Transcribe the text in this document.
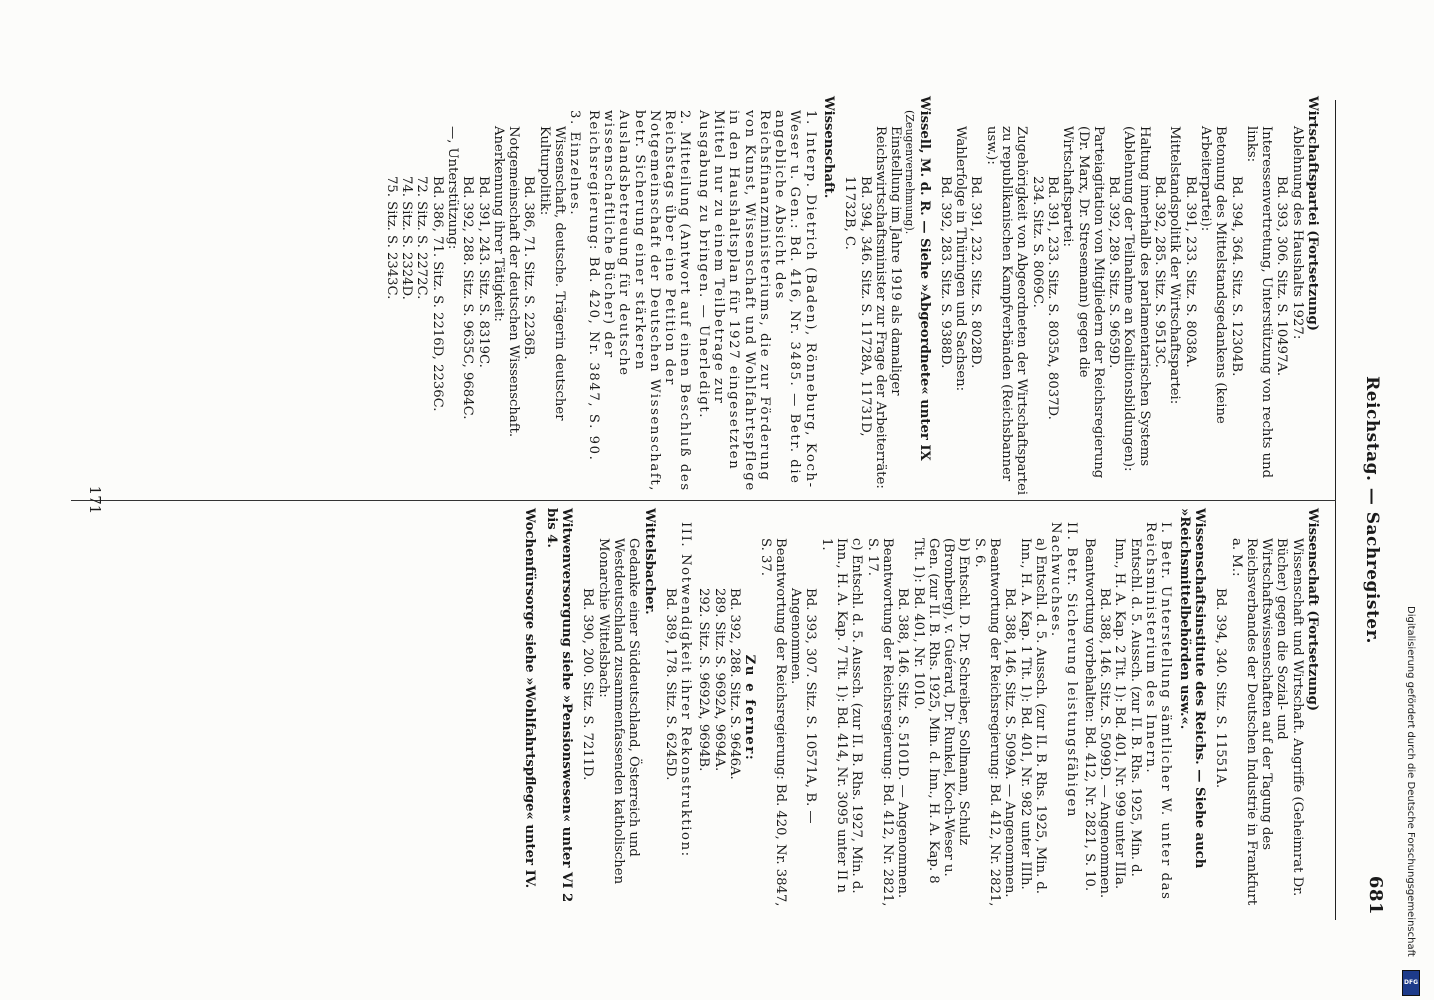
Reichstag. — Sachregister.
681
Wirtschaftspartei (Fortsetzung)
Ablehnung des Haushalts 1927:
Bd. 393, 306. Sitz. S. 10497A.
Interessenvertretung, Unterstützung von rechts und links:
Bd. 394, 364. Sitz. S. 12304B.
Betonung des Mittelstandsgedankens (keine Arbeiterpartei):
Bd. 391, 233. Sitz. S. 8038A.
Mittelstandspolitik der Wirtschaftspartei:
Bd. 392, 285. Sitz. S. 9513C.
Haltung innerhalb des parlamentarischen Systems (Ablehnung der Teilnahme an Koalitionsbildungen):
Bd. 392, 289. Sitz. S. 9659D.
Parteiagitation von Mitgliedern der Reichsregierung (Dr. Marx, Dr. Stresemann) gegen die Wirtschaftspartei:
Bd. 391, 233. Sitz. S. 8035A, 8037D.
234. Sitz. S. 8069C.
Zugehörigkeit von Abgeordneten der Wirtschaftspartei zu republikanischen Kampfverbänden (Reichsbanner usw.):
Bd. 391, 232. Sitz. S. 8028D.
Wahlerfolge in Thüringen und Sachsen:
Bd. 392, 283. Sitz. S. 9388D.
Wissell, M. d. R. — Siehe »Abgeordnete« unter IX
(Zeugenvernehmung).
Einstellung im Jahre 1919 als damaliger Reichswirtschaftsminister zur Frage der Arbeiterräte:
Bd. 394, 346. Sitz. S. 11728A, 11731D,
11732B, C.
Wissenschaft.
1. Interp. Dietrich (Baden), Rönneburg, Koch-Weser u. Gen.: Bd. 416, Nr. 3485. — Betr. die angebliche Absicht des Reichsfinanzministeriums, die zur Förderung von Kunst, Wissenschaft und Wohlfahrtspflege in den Haushaltsplan für 1927 eingesetzten Mittel nur zu einem Teilbetrage zur Ausgabung zu bringen. — Unerledigt.
2. Mitteilung (Antwort auf einen Beschluß des Reichstags über eine Petition der Notgemeinschaft der Deutschen Wissenschaft, betr. Sicherung einer stärkeren Auslandsbetreuung für deutsche wissenschaftliche Bücher) der Reichsregierung: Bd. 420, Nr. 3847, S. 90.
3. Einzelnes.
Wissenschaft, deutsche. Trägerin deutscher Kulturpolitik:
Bd. 386, 71. Sitz. S. 2236B.
Notgemeinschaft der deutschen Wissenschaft. Anerkennung ihrer Tätigkeit:
Bd. 391, 243. Sitz. S. 8319C.
Bd. 392, 288. Sitz. S. 9635C, 9684C.
—, Unterstützung:
Bd. 386, 71. Sitz. S. 2216D, 2236C.
72. Sitz. S. 2272C.
74. Sitz. S. 2324D.
75. Sitz. S. 2343C.
Wissenschaft (Fortsetzung)
Wissenschaft und Wirtschaft. Angriffe (Geheimrat Dr. Bücher) gegen die Sozial- und Wirtschaftswissenschaften auf der Tagung des Reichsverbandes der Deutschen Industrie in Frankfurt a. M.:
Bd. 394, 340. Sitz. S. 11551A.
Wissenschaftsinstitute des Reichs. — Siehe auch »Reichsmittelbehörden usw.«.
I. Betr. Unterstellung sämtlicher W. unter das Reichsministerium des Innern.
Entschl. d. 5. Aussch. (zur II. B. Rhs. 1925, Min. d. Inn., H. A. Kap. 2 Tit. 1): Bd. 401, Nr. 999 unter IIIa.
Bd. 388, 146. Sitz. S. 5099D. — Angenommen.
Beantwortung vorbehalten: Bd. 412, Nr. 2821, S. 10.
II. Betr. Sicherung leistungsfähigen Nachwuchses.
a) Entschl. d. 5. Aussch. (zur II. B. Rhs. 1925, Min. d. Inn., H. A. Kap. 1 Tit. 1): Bd. 401, Nr. 982 unter IIIh.
Bd. 388, 146. Sitz. S. 5099A. — Angenommen.
Beantwortung der Reichsregierung: Bd. 412, Nr. 2821, S. 6.
b) Entschl. D. Dr. Schreiber, Sollmann, Schulz (Bromberg), v. Guérard, Dr. Runkel, Koch-Weser u. Gen. (zur II. B. Rhs. 1925, Min. d. Inn., H. A. Kap. 8 Tit. 1): Bd. 401, Nr. 1010.
Bd. 388, 146. Sitz. S. 5101D. — Angenommen.
Beantwortung der Reichsregierung: Bd. 412, Nr. 2821, S. 17.
c) Entschl. d. 5. Aussch. (zur II. B. Rhs. 1927, Min. d. Inn., H. A. Kap. 7 Tit. 1): Bd. 414, Nr. 3095 unter II n 1.
Bd. 393, 307. Sitz. S. 10571A, B. — Angenommen.
Beantwortung der Reichsregierung: Bd. 420, Nr. 3847, S. 37.
Zu e ferner:
Bd. 392, 288. Sitz. S. 9646A.
289. Sitz. S. 9692A, 9694A.
292. Sitz. S. 9692A, 9694B.
III. Notwendigkeit ihrer Rekonstruktion:
Bd. 389, 178. Sitz. S. 6245D.
Wittelsbacher.
Gedanke einer Süddeutschland, Österreich und Westdeutschland zusammenfassenden katholischen Monarchie Wittelsbach:
Bd. 390, 200. Sitz. S. 7211D.
Witwenversorgung siehe »Pensionswesen« unter VI 2 bis 4.
Wochenfürsorge siehe »Wohlfahrtspflege« unter IV.
171
Digitalisierung gefördert durch die Deutsche Forschungsgemeinschaft
DFG
